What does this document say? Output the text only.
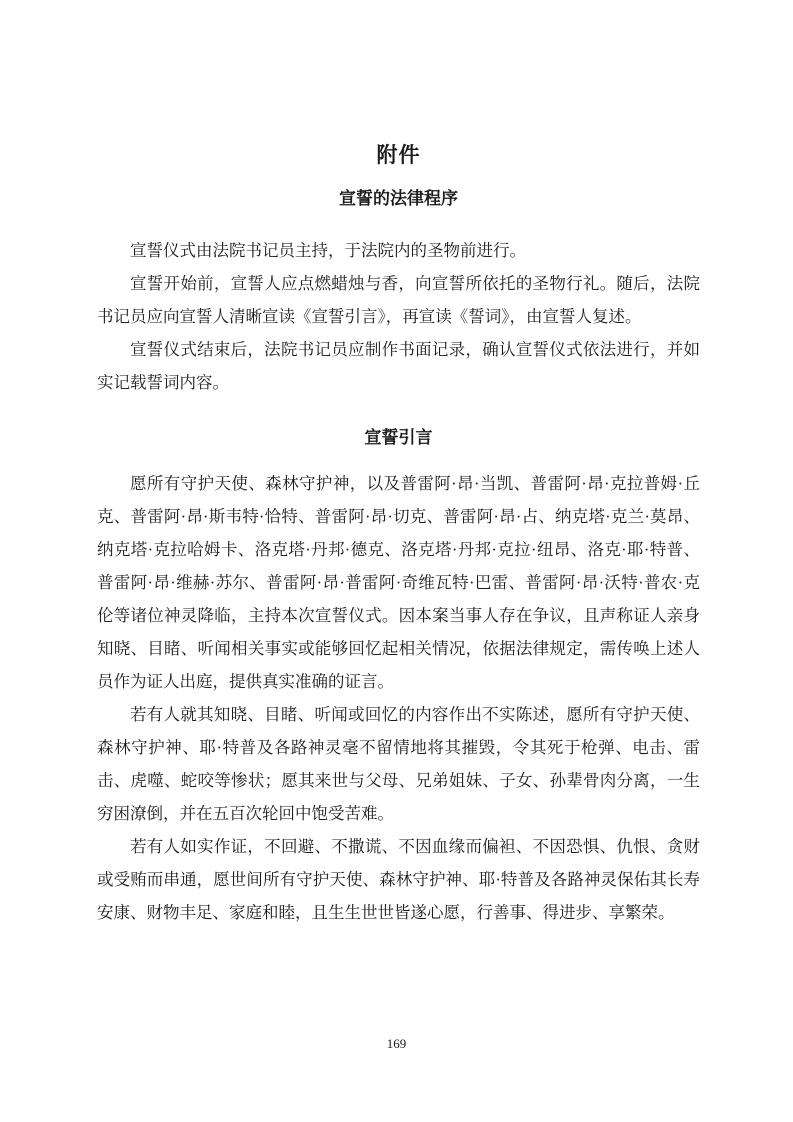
附件
宣誓的法律程序

宣誓仪式由法院书记员主持，于法院内的圣物前进行。

宣誓开始前，宣誓人应点燃蜡烛与香，向宣誓所依托的圣物行礼。随后，法院书记员应向宣誓人清晰宣读《宣誓引言》，再宣读《誓词》，由宣誓人复述。

宣誓仪式结束后，法院书记员应制作书面记录，确认宣誓仪式依法进行，并如实记载誓词内容。

宣誓引言

愿所有守护天使、森林守护神，以及普雷阿·昂·当凯、普雷阿·昂·克拉普姆·丘克、普雷阿·昂·斯韦特·恰特、普雷阿·昂·切克、普雷阿·昂·占、纳克塔·克兰·莫昂、纳克塔·克拉哈姆卡、洛克塔·丹邦·德克、洛克塔·丹邦·克拉·纽昂、洛克·耶·特普、普雷阿·昂·维赫·苏尔、普雷阿·昂·普雷阿·奇维瓦特·巴雷、普雷阿·昂·沃特·普农·克伦等诸位神灵降临，主持本次宣誓仪式。因本案当事人存在争议，且声称证人亲身知晓、目睹、听闻相关事实或能够回忆起相关情况，依据法律规定，需传唤上述人员作为证人出庭，提供真实准确的证言。

若有人就其知晓、目睹、听闻或回忆的内容作出不实陈述，愿所有守护天使、森林守护神、耶·特普及各路神灵毫不留情地将其摧毁，令其死于枪弹、电击、雷击、虎噬、蛇咬等惨状；愿其来世与父母、兄弟姐妹、子女、孙辈骨肉分离，一生穷困潦倒，并在五百次轮回中饱受苦难。

若有人如实作证，不回避、不撒谎、不因血缘而偏袒、不因恐惧、仇恨、贪财或受贿而串通，愿世间所有守护天使、森林守护神、耶·特普及各路神灵保佑其长寿安康、财物丰足、家庭和睦，且生生世世皆遂心愿，行善事、得进步、享繁荣。

169
